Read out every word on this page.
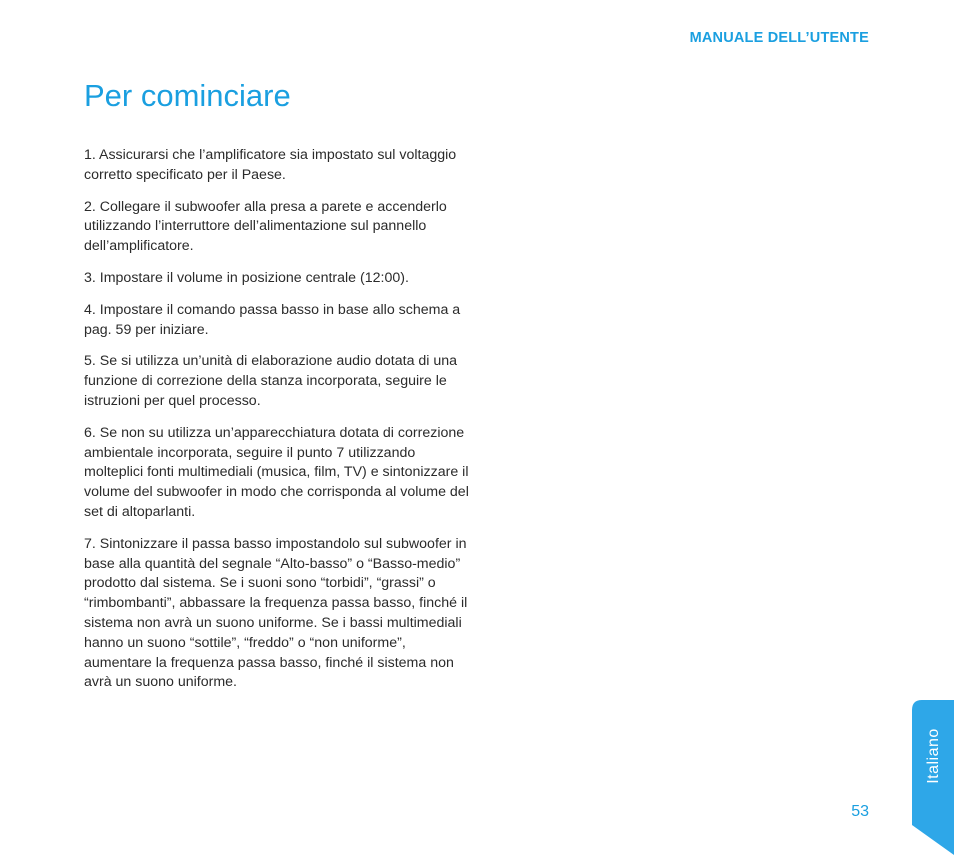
MANUALE DELL’UTENTE
Per cominciare
1. Assicurarsi che l’amplificatore sia impostato sul voltaggio corretto specificato per il Paese.
2. Collegare il subwoofer alla presa a parete e accenderlo utilizzando l’interruttore dell’alimentazione sul pannello dell’amplificatore.
3. Impostare il volume in posizione centrale (12:00).
4. Impostare il comando passa basso in base allo schema a pag. 59 per iniziare.
5. Se si utilizza un’unità di elaborazione audio dotata di una funzione di correzione della stanza incorporata, seguire le istruzioni per quel processo.
6. Se non su utilizza un’apparecchiatura dotata di correzione ambientale incorporata, seguire il punto 7 utilizzando molteplici fonti multimediali (musica, film, TV) e sintonizzare il volume del subwoofer in modo che corrisponda al volume del set di altoparlanti.
7. Sintonizzare il passa basso impostandolo sul subwoofer in base alla quantità del segnale “Alto-basso” o “Basso-medio” prodotto dal sistema. Se i suoni sono “torbidi”, “grassi” o “rimbombanti”, abbassare la frequenza passa basso, finché il sistema non avrà un suono uniforme. Se i bassi multimediali hanno un suono “sottile”, “freddo” o “non uniforme”, aumentare la frequenza passa basso, finché il sistema non avrà un suono uniforme.
Italiano
53
